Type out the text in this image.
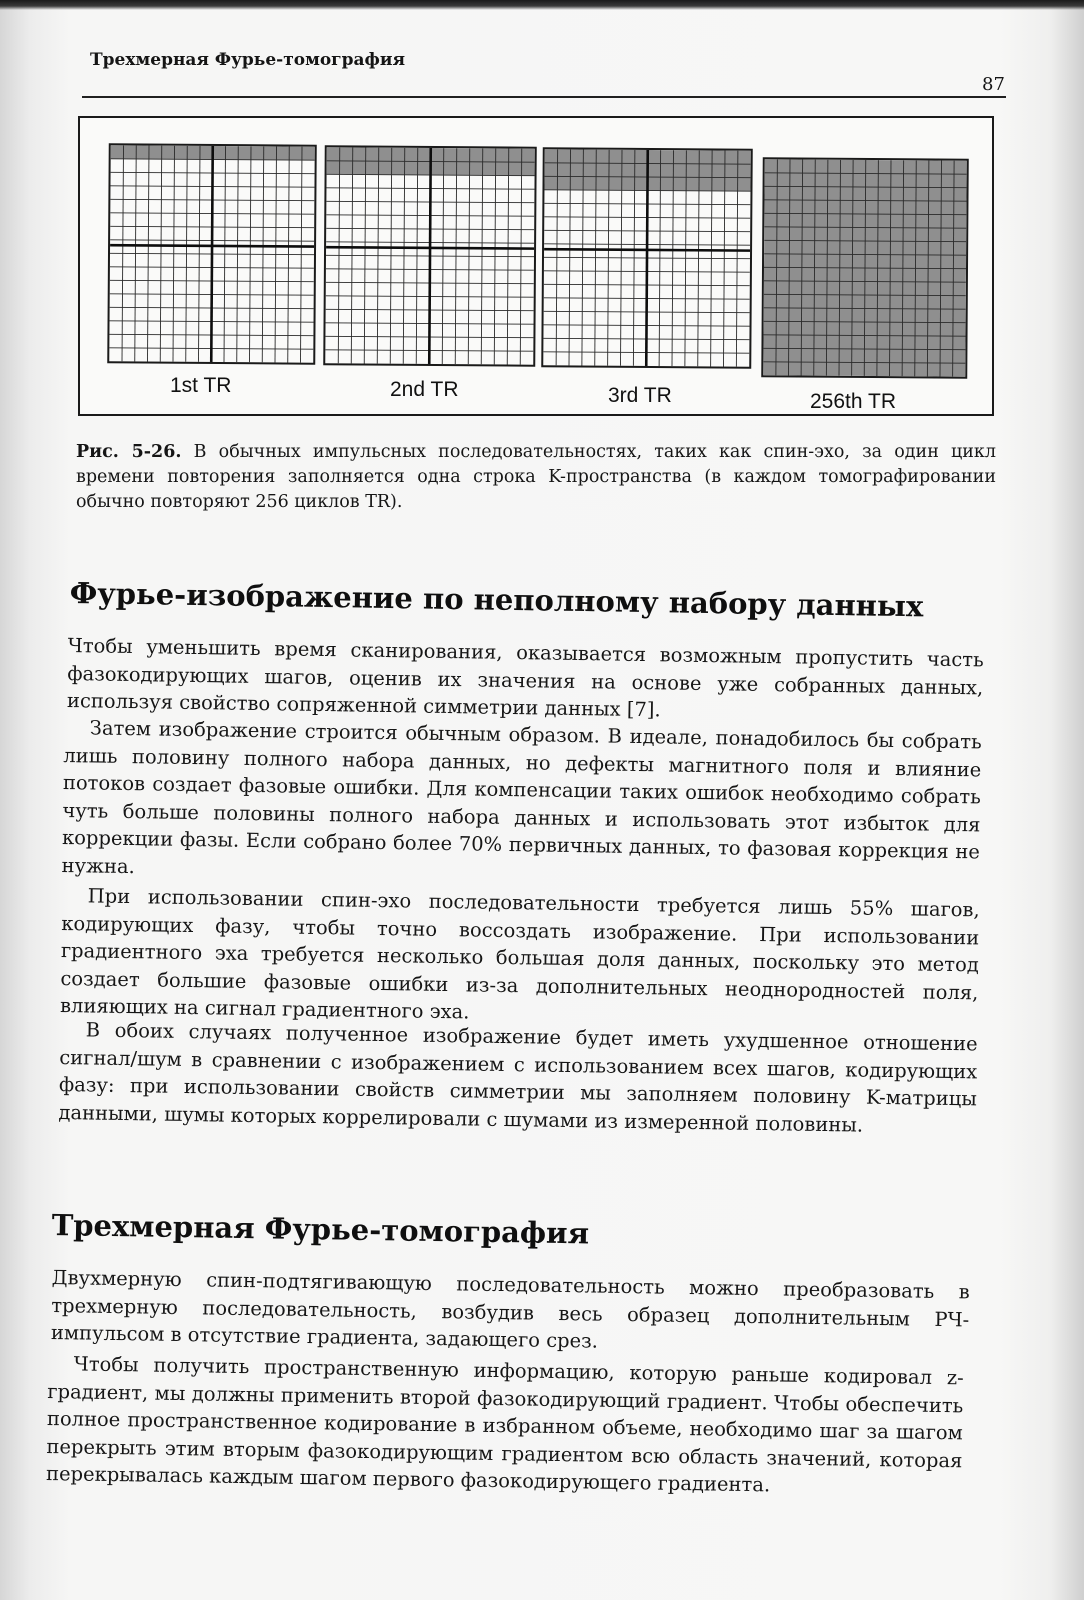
Трехмерная Фурье-томография
87
1st TR	2nd TR	3rd TR	256th TR
Рис. 5-26. В обычных импульсных последовательностях, таких как спин-эхо, за один цикл времени повторения заполняется одна строка K-пространства (в каждом томографировании обычно повторяют 256 циклов TR).
Фурье-изображение по неполному набору данных
Чтобы уменьшить время сканирования, оказывается возможным пропустить часть фазокодирующих шагов, оценив их значения на основе уже собранных данных, используя свойство сопряженной симметрии данных [7].
Затем изображение строится обычным образом. В идеале, понадобилось бы собрать лишь половину полного набора данных, но дефекты магнитного поля и влияние потоков создает фазовые ошибки. Для компенсации таких ошибок необходимо собрать чуть больше половины полного набора данных и использовать этот избыток для коррекции фазы. Если собрано более 70% первичных данных, то фазовая коррекция не нужна.
При использовании спин-эхо последовательности требуется лишь 55% шагов, кодирующих фазу, чтобы точно воссоздать изображение. При использовании градиентного эха требуется несколько большая доля данных, поскольку это метод создает большие фазовые ошибки из-за дополнительных неоднородностей поля, влияющих на сигнал градиентного эха.
В обоих случаях полученное изображение будет иметь ухудшенное отношение сигнал/шум в сравнении с изображением с использованием всех шагов, кодирующих фазу: при использовании свойств симметрии мы заполняем половину K-матрицы данными, шумы которых коррелировали с шумами из измеренной половины.
Трехмерная Фурье-томография
Двухмерную спин-подтягивающую последовательность можно преобразовать в трехмерную последовательность, возбудив весь образец дополнительным РЧ-импульсом в отсутствие градиента, задающего срез.
Чтобы получить пространственную информацию, которую раньше кодировал z-градиент, мы должны применить второй фазокодирующий градиент. Чтобы обеспечить полное пространственное кодирование в избранном объеме, необходимо шаг за шагом перекрыть этим вторым фазокодирующим градиентом всю область значений, которая перекрывалась каждым шагом первого фазокодирующего градиента.
